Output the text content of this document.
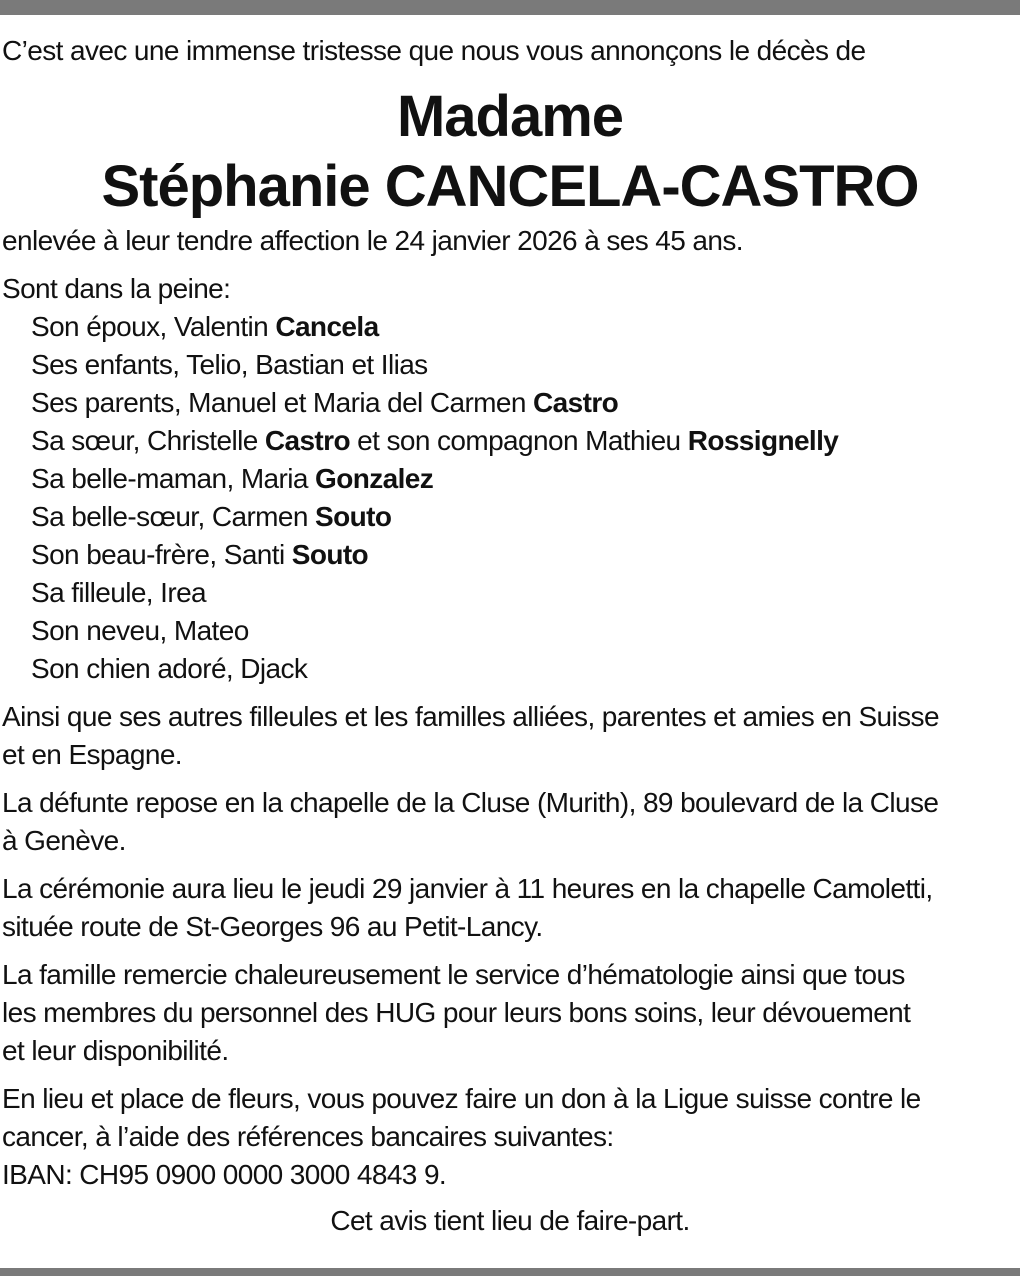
C’est avec une immense tristesse que nous vous annonçons le décès de

Madame
Stéphanie CANCELA-CASTRO

enlevée à leur tendre affection le 24 janvier 2026 à ses 45 ans.

Sont dans la peine:

Son époux, Valentin Cancela
Ses enfants, Telio, Bastian et Ilias
Ses parents, Manuel et Maria del Carmen Castro
Sa sœur, Christelle Castro et son compagnon Mathieu Rossignelly
Sa belle-maman, Maria Gonzalez
Sa belle-sœur, Carmen Souto
Son beau-frère, Santi Souto
Sa filleule, Irea
Son neveu, Mateo
Son chien adoré, Djack

Ainsi que ses autres filleules et les familles alliées, parentes et amies en Suisse
et en Espagne.

La défunte repose en la chapelle de la Cluse (Murith), 89 boulevard de la Cluse
à Genève.

La cérémonie aura lieu le jeudi 29 janvier à 11 heures en la chapelle Camoletti,
située route de St-Georges 96 au Petit-Lancy.

La famille remercie chaleureusement le service d’hématologie ainsi que tous
les membres du personnel des HUG pour leurs bons soins, leur dévouement
et leur disponibilité.

En lieu et place de fleurs, vous pouvez faire un don à la Ligue suisse contre le
cancer, à l’aide des références bancaires suivantes:
IBAN: CH95 0900 0000 3000 4843 9.

Cet avis tient lieu de faire-part.
